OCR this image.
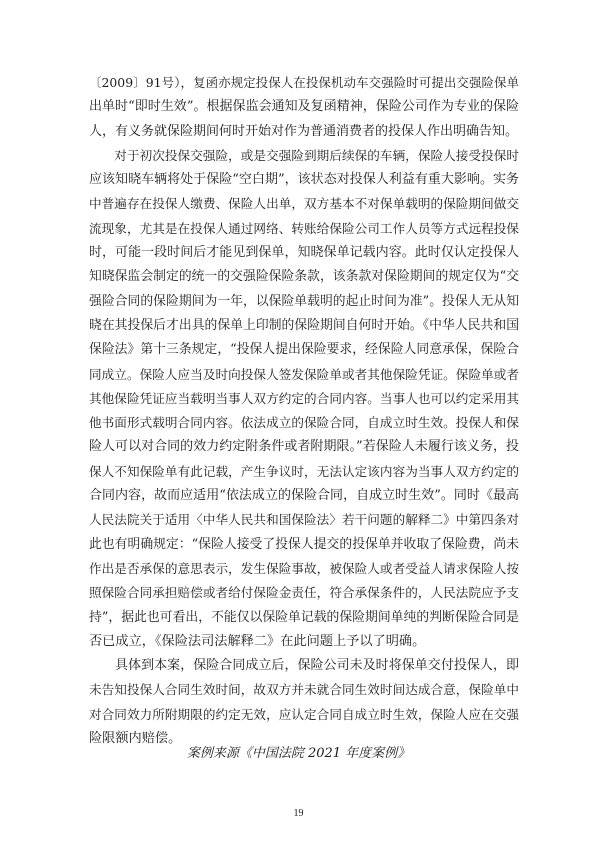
〔2009〕91号），复函亦规定投保人在投保机动车交强险时可提出交强险保单
出单时“即时生效”。根据保监会通知及复函精神，保险公司作为专业的保险
人，有义务就保险期间何时开始对作为普通消费者的投保人作出明确告知。
　　对于初次投保交强险，或是交强险到期后续保的车辆，保险人接受投保时
应该知晓车辆将处于保险“空白期”，该状态对投保人利益有重大影响。实务
中普遍存在投保人缴费、保险人出单，双方基本不对保单载明的保险期间做交
流现象，尤其是在投保人通过网络、转账给保险公司工作人员等方式远程投保
时，可能一段时间后才能见到保单，知晓保单记载内容。此时仅认定投保人
知晓保监会制定的统一的交强险保险条款，该条款对保险期间的规定仅为“交
强险合同的保险期间为一年，以保险单载明的起止时间为准”。投保人无从知
晓在其投保后才出具的保单上印制的保险期间自何时开始。《中华人民共和国
保险法》第十三条规定，“投保人提出保险要求，经保险人同意承保，保险合
同成立。保险人应当及时向投保人签发保险单或者其他保险凭证。保险单或者
其他保险凭证应当载明当事人双方约定的合同内容。当事人也可以约定采用其
他书面形式载明合同内容。依法成立的保险合同，自成立时生效。投保人和保
险人可以对合同的效力约定附条件或者附期限。”若保险人未履行该义务，投
保人不知保险单有此记载，产生争议时，无法认定该内容为当事人双方约定的
合同内容，故而应适用“依法成立的保险合同，自成立时生效”。同时《最高
人民法院关于适用〈中华人民共和国保险法〉若干问题的解释二》中第四条对
此也有明确规定：“保险人接受了投保人提交的投保单并收取了保险费，尚未
作出是否承保的意思表示，发生保险事故，被保险人或者受益人请求保险人按
照保险合同承担赔偿或者给付保险金责任，符合承保条件的，人民法院应予支
持”，据此也可看出，不能仅以保险单记载的保险期间单纯的判断保险合同是
否已成立，《保险法司法解释二》在此问题上予以了明确。
　　具体到本案，保险合同成立后，保险公司未及时将保单交付投保人，即
未告知投保人合同生效时间，故双方并未就合同生效时间达成合意，保险单中
对合同效力所附期限的约定无效，应认定合同自成立时生效，保险人应在交强
险限额内赔偿。
案例来源《中国法院 2021 年度案例》
19
